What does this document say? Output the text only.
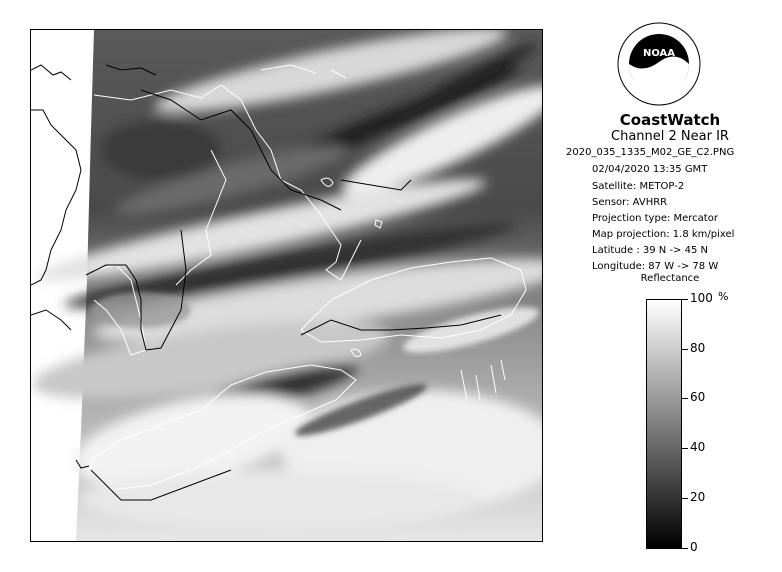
NOAA
CoastWatch
Channel 2 Near IR
2020_035_1335_M02_GE_C2.PNG
02/04/2020 13:35 GMT
Satellite: METOP-2
Sensor: AVHRR
Projection type: Mercator
Map projection: 1.8 km/pixel
Latitude : 39 N -> 45 N
Longitude: 87 W -> 78 W
Reflectance
%
100
80
60
40
20
0
